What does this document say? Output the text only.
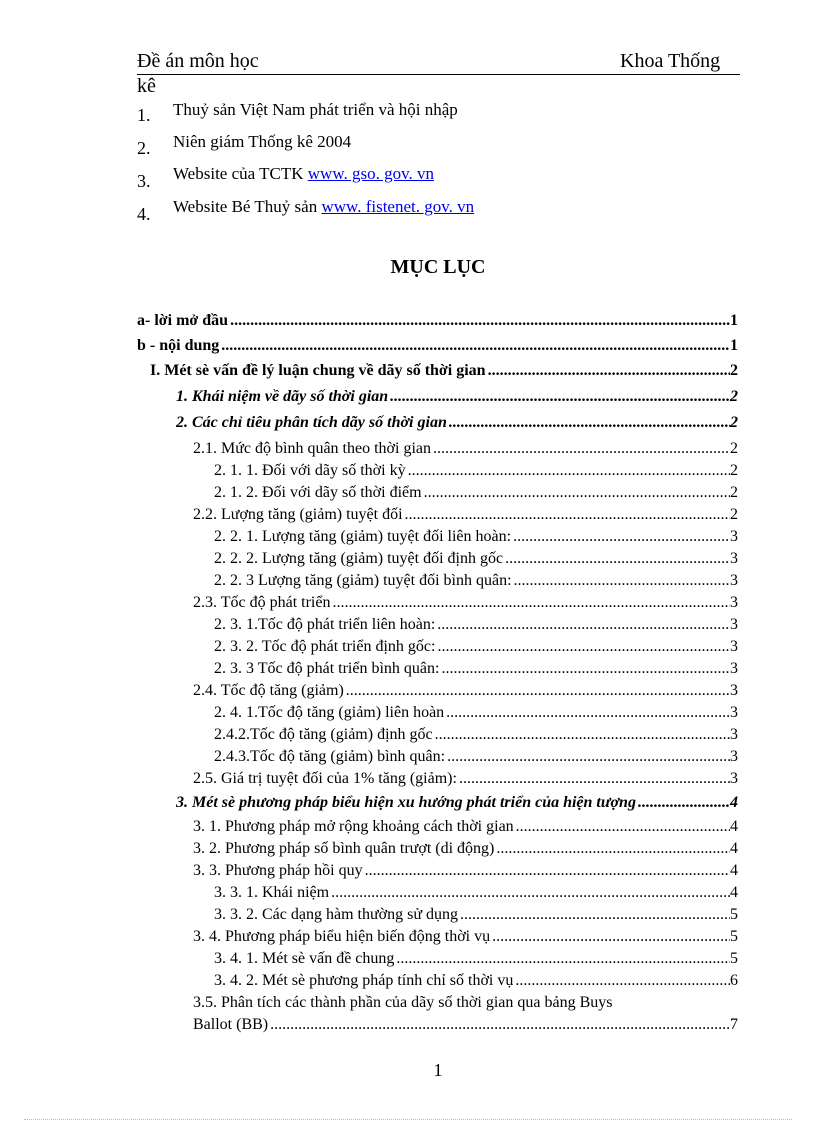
Đề án môn học	Khoa Thống
kê
1. Thuỷ sản Việt Nam phát triển và hội nhập
2. Niên giám Thống kê 2004
3. Website của TCTK www. gso. gov. vn
4. Website Bé Thuỷ sản www. fistenet. gov. vn
MỤC LỤC
a- lời mở đầu .....	1
b - nội dung .....	1
I. Mét sè vấn đề lý luận chung về dãy số thời gian .....	2
1. Khái niệm về dãy số thời gian .....	2
2. Các chỉ tiêu phân tích dãy số thời gian .....	2
2.1. Mức độ bình quân theo thời gian .....	2
2. 1. 1. Đối với dãy số thời kỳ .....	2
2. 1. 2. Đối với dãy số thời điểm .....	2
2.2. Lượng tăng (giảm) tuyệt đối .....	2
2. 2. 1. Lượng tăng (giảm) tuyệt đối liên hoàn: .....	3
2. 2. 2. Lượng tăng (giảm) tuyệt đối định gốc .....	3
2. 2. 3 Lượng tăng (giảm) tuyệt đối bình quân: .....	3
2.3. Tốc độ phát triển .....	3
2. 3. 1.Tốc độ phát triển liên hoàn: .....	3
2. 3. 2. Tốc độ phát triển định gốc: .....	3
2. 3. 3 Tốc độ phát triển bình quân: .....	3
2.4. Tốc độ tăng (giảm) .....	3
2. 4. 1.Tốc độ tăng (giảm) liên hoàn .....	3
2.4.2.Tốc độ tăng (giảm) định gốc .....	3
2.4.3.Tốc độ tăng (giảm) bình quân: .....	3
2.5. Giá trị tuyệt đối của 1% tăng (giảm): .....	3
3. Mét sè phương pháp biểu hiện xu hướng phát triển của hiện tượng .....	4
3. 1. Phương pháp mở rộng khoảng cách thời gian .....	4
3. 2. Phương pháp số bình quân trượt (di động) .....	4
3. 3. Phương pháp hồi quy .....	4
3. 3. 1. Khái niệm .....	4
3. 3. 2. Các dạng hàm thường sử dụng .....	5
3. 4. Phương pháp biểu hiện biến động thời vụ .....	5
3. 4. 1. Mét sè vấn đề chung .....	5
3. 4. 2. Mét sè phương pháp tính chỉ số thời vụ .....	6
3.5. Phân tích các thành phần của dãy số thời gian qua bảng Buys
Ballot (BB) .....	7
1
